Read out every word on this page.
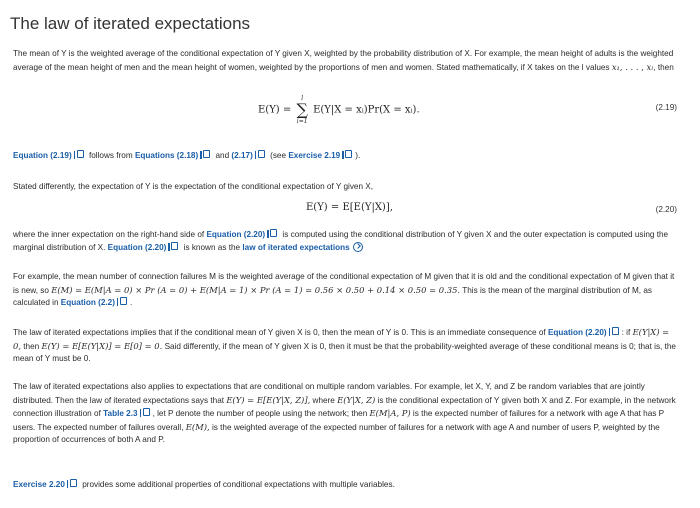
The law of iterated expectations

The mean of Y is the weighted average of the conditional expectation of Y given X, weighted by the probability distribution of X. For example, the mean height of adults is the weighted average of the mean height of men and the mean height of women, weighted by the proportions of men and women. Stated mathematically, if X takes on the l values x₁, . . . , xₗ, then

E(Y) =
l
∑
i=1
E(Y|X = xᵢ)Pr(X = xᵢ).	(2.19)

Equation (2.19) follows from Equations (2.18) and (2.17) (see Exercise 2.19 ).

Stated differently, the expectation of Y is the expectation of the conditional expectation of Y given X,

E(Y) = E[E(Y|X)],	(2.20)

where the inner expectation on the right-hand side of Equation (2.20) is computed using the conditional distribution of Y given X and the outer expectation is computed using the marginal distribution of X. Equation (2.20) is known as the law of iterated expectations

For example, the mean number of connection failures M is the weighted average of the conditional expectation of M given that it is old and the conditional expectation of M given that it is new, so E(M) = E(M|A = 0) × Pr (A = 0) + E(M|A = 1) × Pr (A = 1) = 0.56 × 0.50 + 0.14 × 0.50 = 0.35. This is the mean of the marginal distribution of M, as calculated in Equation (2.2) .

The law of iterated expectations implies that if the conditional mean of Y given X is 0, then the mean of Y is 0. This is an immediate consequence of Equation (2.20) : if E(Y|X) = 0, then E(Y) = E[E(Y|X)] = E[0] = 0. Said differently, if the mean of Y given X is 0, then it must be that the probability-weighted average of these conditional means is 0; that is, the mean of Y must be 0.

The law of iterated expectations also applies to expectations that are conditional on multiple random variables. For example, let X, Y, and Z be random variables that are jointly distributed. Then the law of iterated expectations says that E(Y) = E[E(Y|X, Z)], where E(Y|X, Z) is the conditional expectation of Y given both X and Z. For example, in the network connection illustration of Table 2.3 , let P denote the number of people using the network; then E(M|A, P) is the expected number of failures for a network with age A that has P users. The expected number of failures overall, E(M), is the weighted average of the expected number of failures for a network with age A and number of users P, weighted by the proportion of occurrences of both A and P.

Exercise 2.20 provides some additional properties of conditional expectations with multiple variables.
